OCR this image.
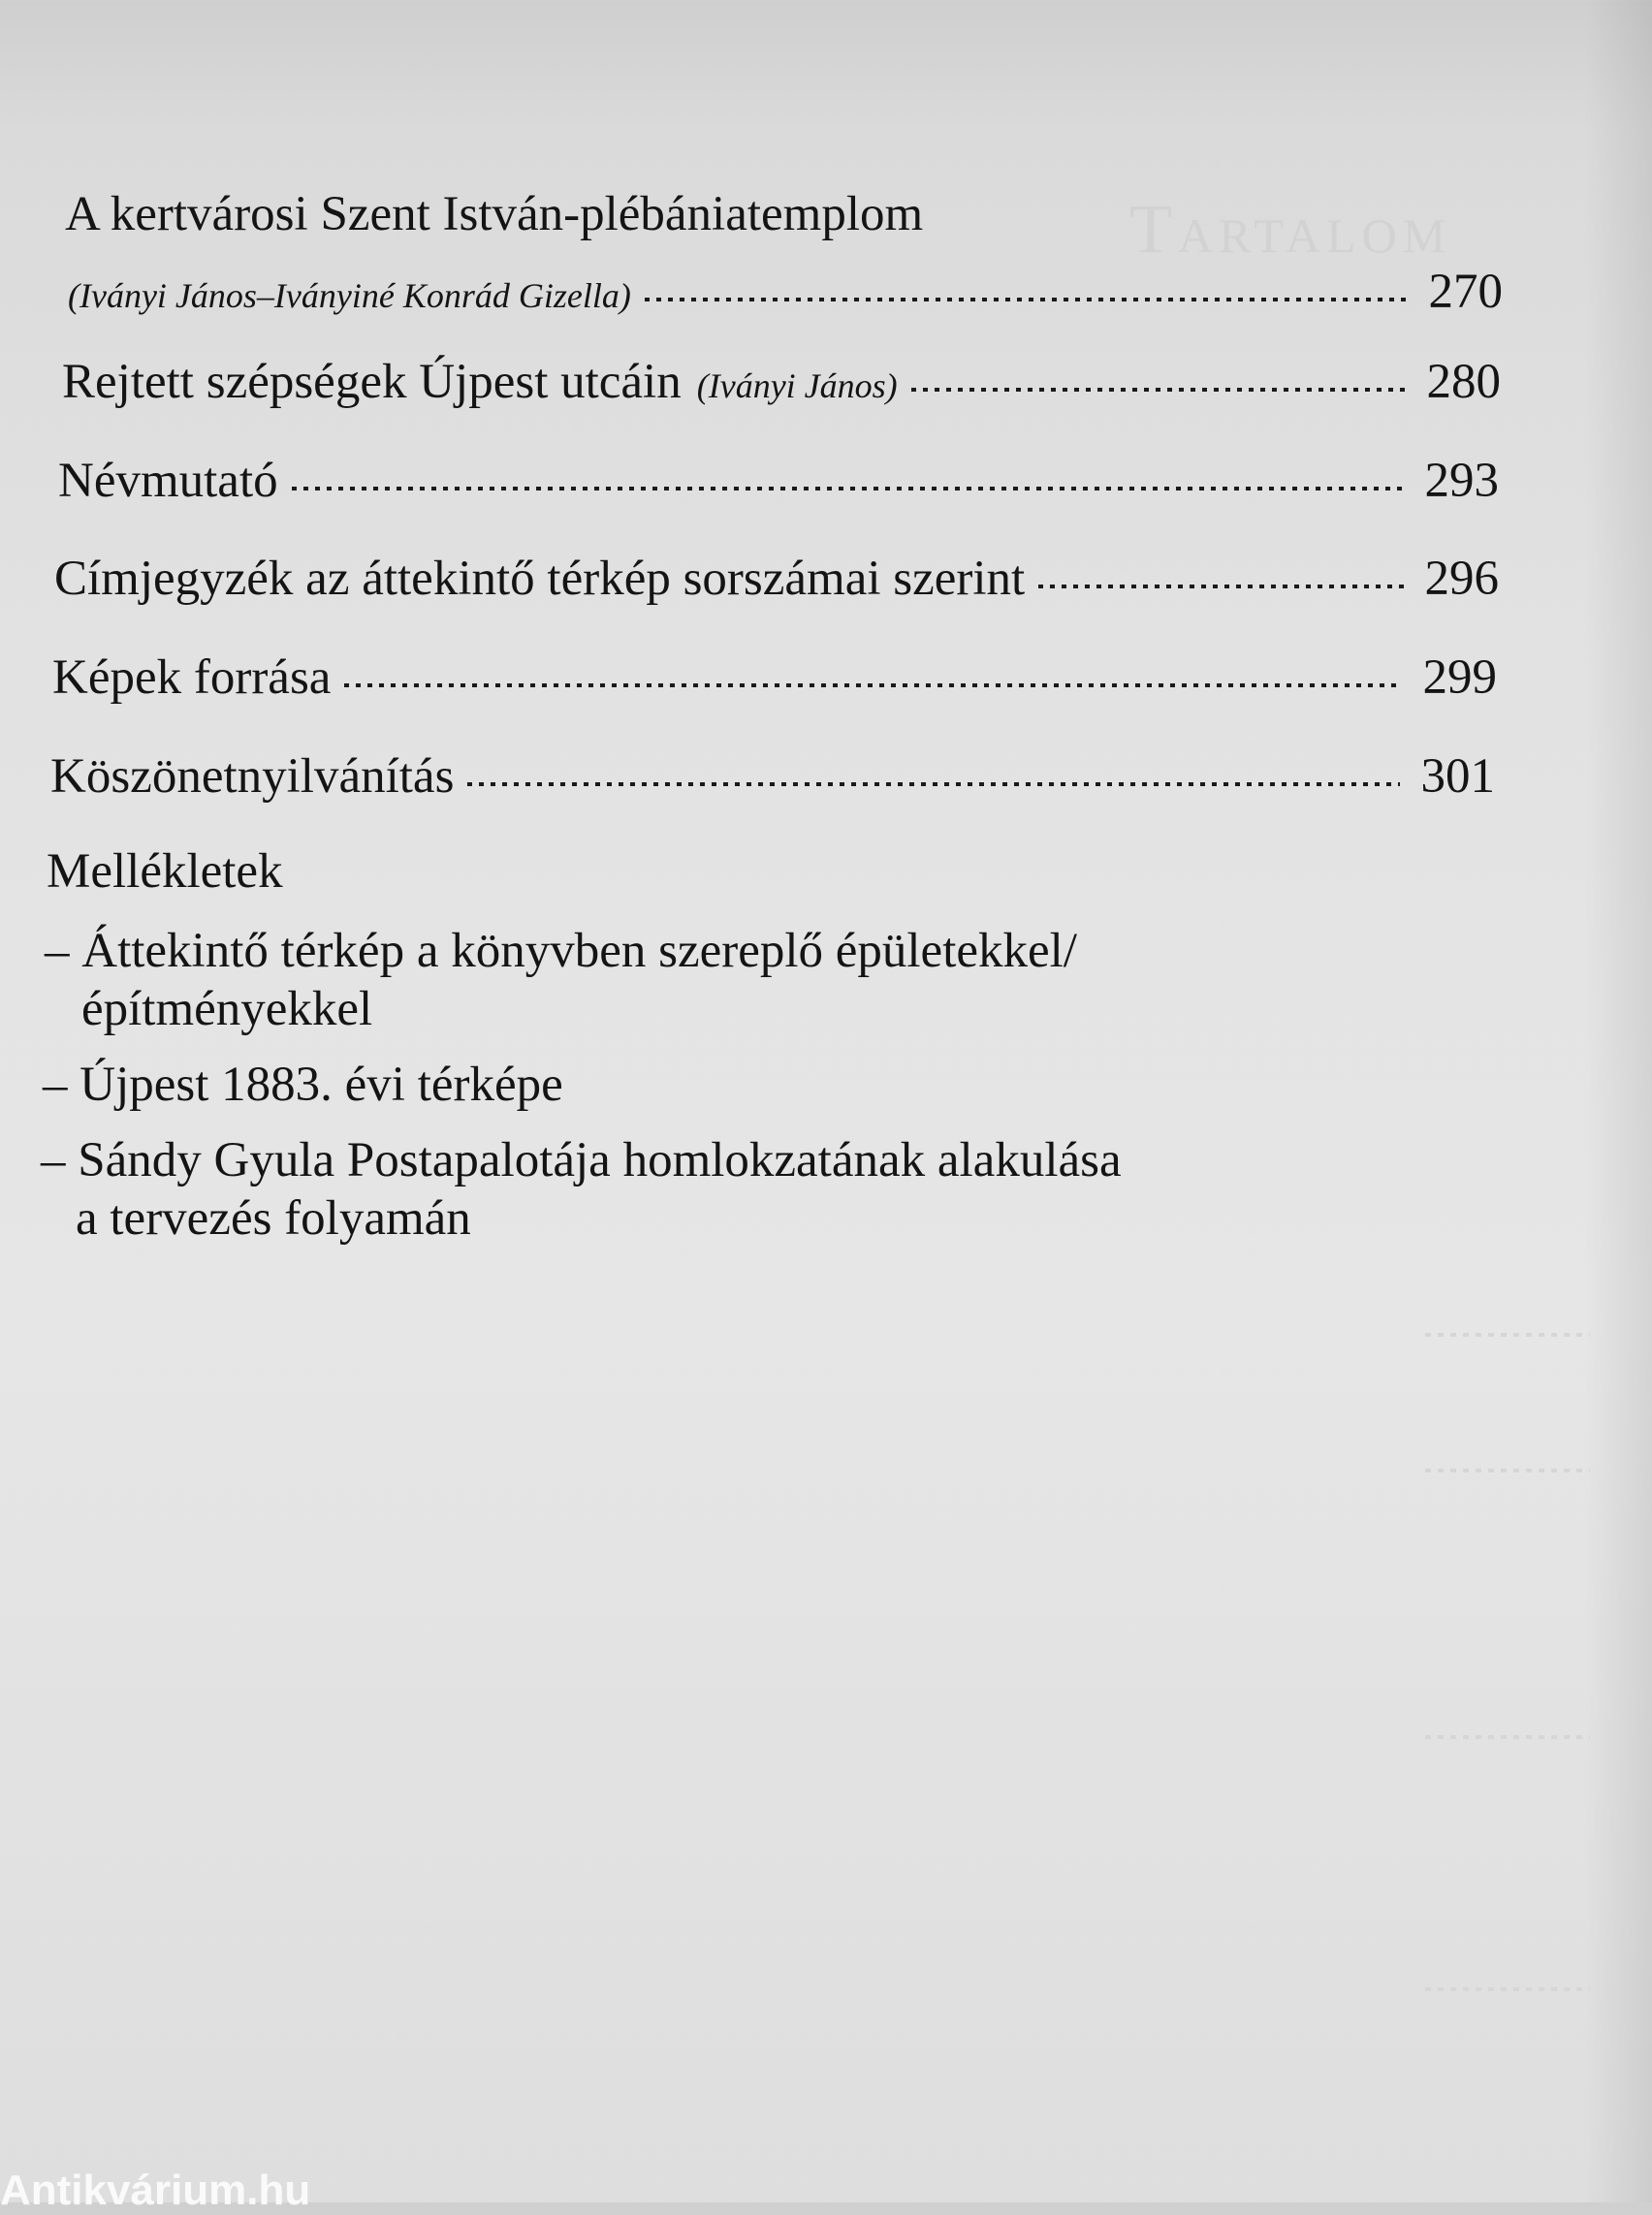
Tartalom
A kertvárosi Szent István-plébániatemplom
(Iványi János–Iványiné Konrád Gizella)	270
Rejtett szépségek Újpest utcáin (Iványi János)	280
Névmutató	293
Címjegyzék az áttekintő térkép sorszámai szerint	296
Képek forrása	299
Köszönetnyilvánítás	301
Mellékletek
– Áttekintő térkép a könyvben szereplő épületekkel/
építményekkel
– Újpest 1883. évi térképe
– Sándy Gyula Postapalotája homlokzatának alakulása
a tervezés folyamán
Antikvárium.hu
